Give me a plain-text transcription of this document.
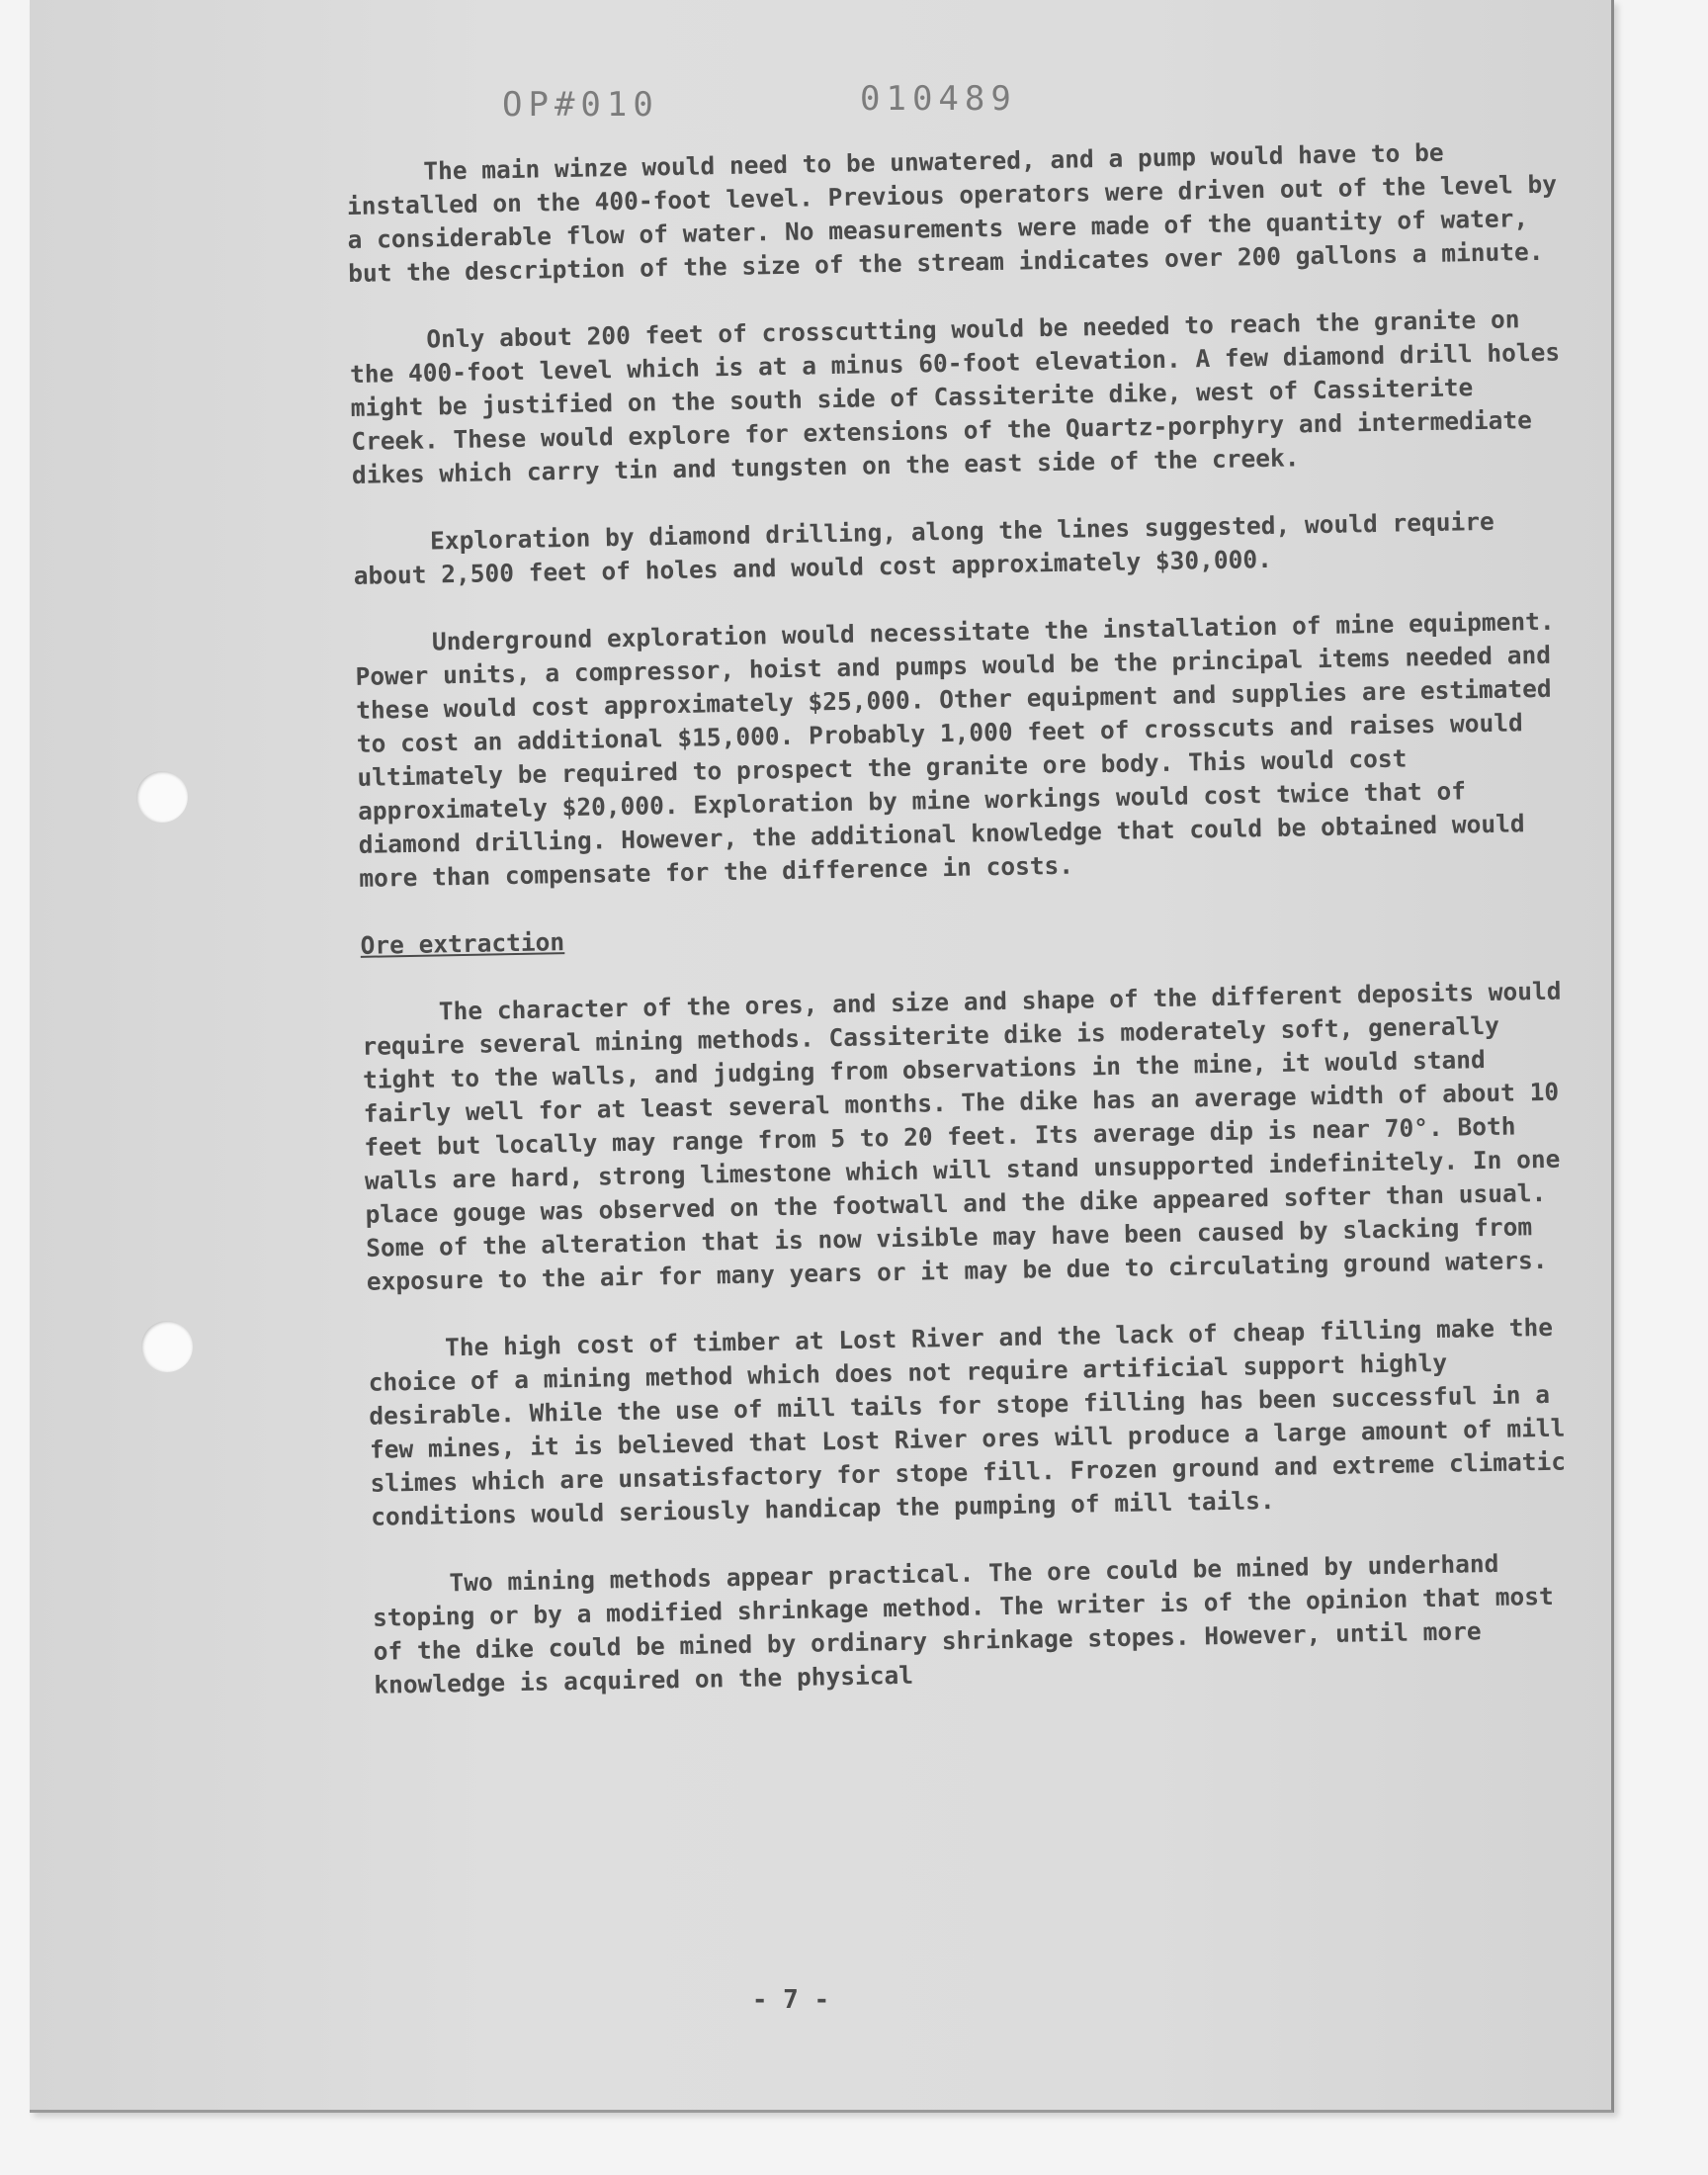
OP#010	010489

The main winze would need to be unwatered, and a pump would have to be installed on the 400-foot level. Previous operators were driven out of the level by a considerable flow of water. No measurements were made of the quantity of water, but the description of the size of the stream indicates over 200 gallons a minute.

Only about 200 feet of crosscutting would be needed to reach the granite on the 400-foot level which is at a minus 60-foot elevation. A few diamond drill holes might be justified on the south side of Cassiterite dike, west of Cassiterite Creek. These would explore for extensions of the Quartz-porphyry and intermediate dikes which carry tin and tungsten on the east side of the creek.

Exploration by diamond drilling, along the lines suggested, would require about 2,500 feet of holes and would cost approximately $30,000.

Underground exploration would necessitate the installation of mine equipment. Power units, a compressor, hoist and pumps would be the principal items needed and these would cost approximately $25,000. Other equipment and supplies are estimated to cost an additional $15,000. Probably 1,000 feet of crosscuts and raises would ultimately be required to prospect the granite ore body. This would cost approximately $20,000. Exploration by mine workings would cost twice that of diamond drilling. However, the additional knowledge that could be obtained would more than compensate for the difference in costs.

Ore extraction

The character of the ores, and size and shape of the different deposits would require several mining methods. Cassiterite dike is moderately soft, generally tight to the walls, and judging from observations in the mine, it would stand fairly well for at least several months. The dike has an average width of about 10 feet but locally may range from 5 to 20 feet. Its average dip is near 70°. Both walls are hard, strong limestone which will stand unsupported indefinitely. In one place gouge was observed on the footwall and the dike appeared softer than usual. Some of the alteration that is now visible may have been caused by slacking from exposure to the air for many years or it may be due to circulating ground waters.

The high cost of timber at Lost River and the lack of cheap filling make the choice of a mining method which does not require artificial support highly desirable. While the use of mill tails for stope filling has been successful in a few mines, it is believed that Lost River ores will produce a large amount of mill slimes which are unsatisfactory for stope fill. Frozen ground and extreme climatic conditions would seriously handicap the pumping of mill tails.

Two mining methods appear practical. The ore could be mined by underhand stoping or by a modified shrinkage method. The writer is of the opinion that most of the dike could be mined by ordinary shrinkage stopes. However, until more knowledge is acquired on the physical

- 7 -
